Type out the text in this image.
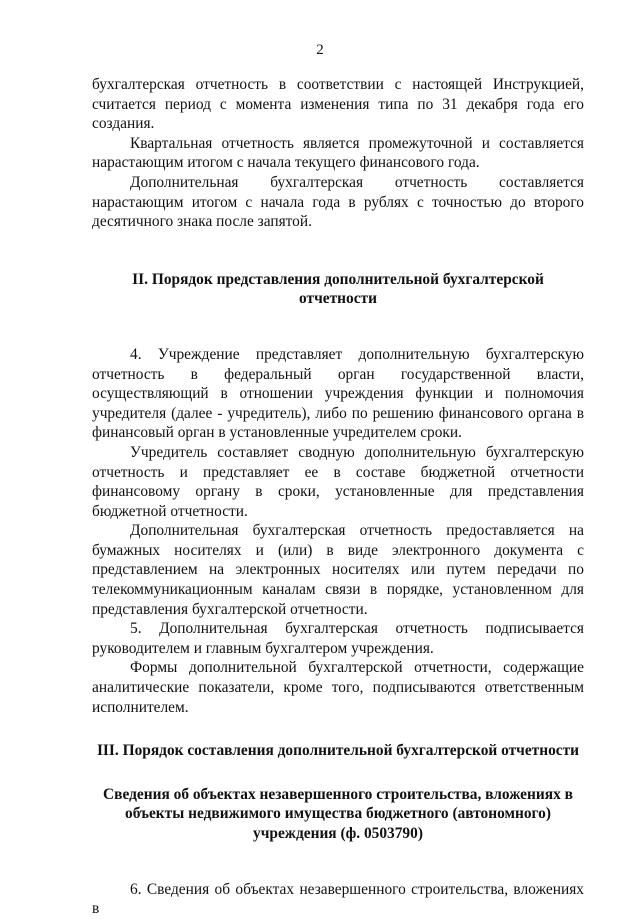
2

бухгалтерская отчетность в соответствии с настоящей Инструкцией, считается период с момента изменения типа по 31 декабря года его создания.

Квартальная отчетность является промежуточной и составляется нарастающим итогом с начала текущего финансового года.

Дополнительная бухгалтерская отчетность составляется нарастающим итогом с начала года в рублях с точностью до второго десятичного знака после запятой.

II. Порядок представления дополнительной бухгалтерской отчетности

4. Учреждение представляет дополнительную бухгалтерскую отчетность в федеральный орган государственной власти, осуществляющий в отношении учреждения функции и полномочия учредителя (далее - учредитель), либо по решению финансового органа в финансовый орган в установленные учредителем сроки.

Учредитель составляет сводную дополнительную бухгалтерскую отчетность и представляет ее в составе бюджетной отчетности финансовому органу в сроки, установленные для представления бюджетной отчетности.

Дополнительная бухгалтерская отчетность предоставляется на бумажных носителях и (или) в виде электронного документа с представлением на электронных носителях или путем передачи по телекоммуникационным каналам связи в порядке, установленном для представления бухгалтерской отчетности.

5. Дополнительная бухгалтерская отчетность подписывается руководителем и главным бухгалтером учреждения.

Формы дополнительной бухгалтерской отчетности, содержащие аналитические показатели, кроме того, подписываются ответственным исполнителем.

III. Порядок составления дополнительной бухгалтерской отчетности
Сведения об объектах незавершенного строительства, вложениях в объекты недвижимого имущества бюджетного (автономного) учреждения (ф. 0503790)

6. Сведения об объектах незавершенного строительства, вложениях в
